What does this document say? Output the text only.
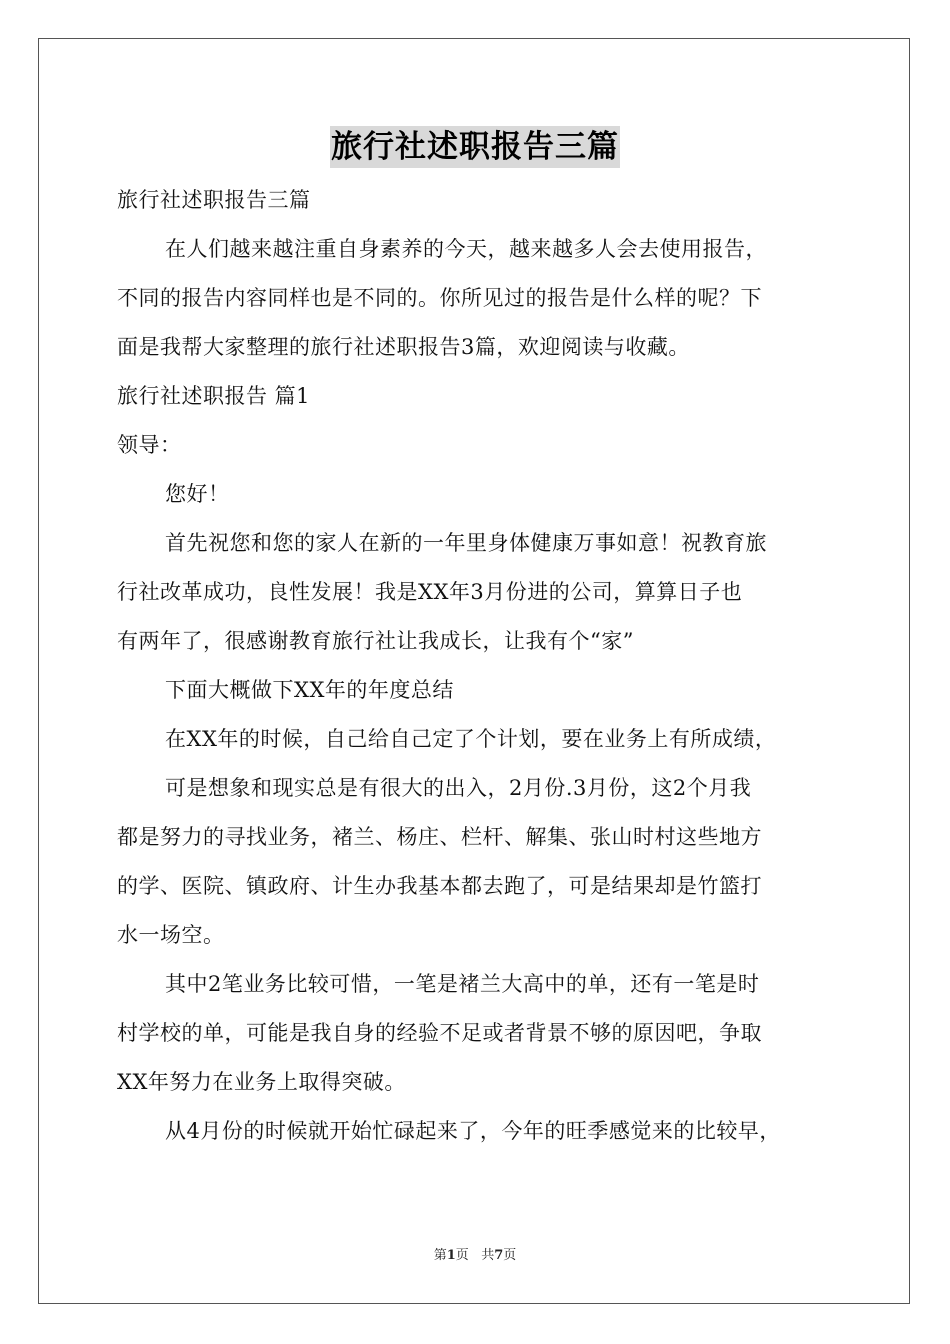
旅行社述职报告三篇
旅行社述职报告三篇
在人们越来越注重自身素养的今天，越来越多人会去使用报告，
不同的报告内容同样也是不同的。你所见过的报告是什么样的呢？下
面是我帮大家整理的旅行社述职报告3篇，欢迎阅读与收藏。
旅行社述职报告 篇1
领导：
您好！
首先祝您和您的家人在新的一年里身体健康万事如意！祝教育旅
行社改革成功，良性发展！我是XX年3月份进的公司，算算日子也
有两年了，很感谢教育旅行社让我成长，让我有个“家”
下面大概做下XX年的年度总结
在XX年的时候，自己给自己定了个计划，要在业务上有所成绩，
可是想象和现实总是有很大的出入，2月份.3月份，这2个月我
都是努力的寻找业务，褚兰、杨庄、栏杆、解集、张山时村这些地方
的学、医院、镇政府、计生办我基本都去跑了，可是结果却是竹篮打
水一场空。
其中2笔业务比较可惜，一笔是褚兰大高中的单，还有一笔是时
村学校的单，可能是我自身的经验不足或者背景不够的原因吧，争取
XX年努力在业务上取得突破。
从4月份的时候就开始忙碌起来了，今年的旺季感觉来的比较早，
第1页 共7页
